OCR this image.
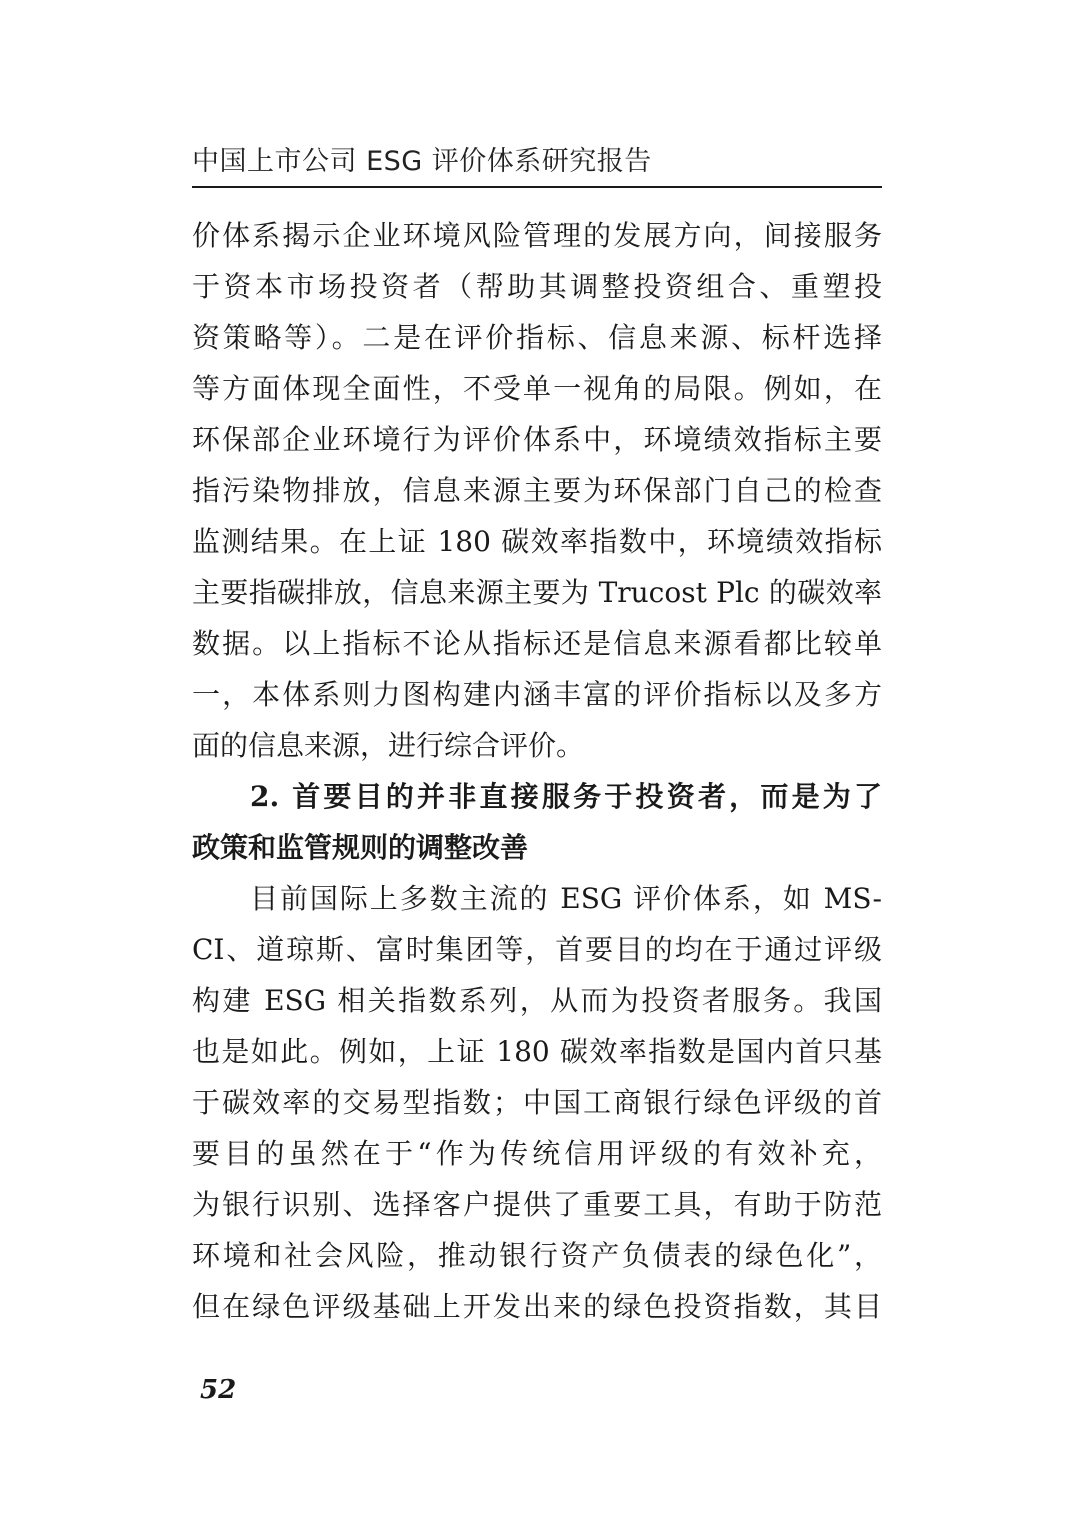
中国上市公司 ESG 评价体系研究报告
价体系揭示企业环境风险管理的发展方向，间接服务
于资本市场投资者（帮助其调整投资组合、重塑投
资策略等）。二是在评价指标、信息来源、标杆选择
等方面体现全面性，不受单一视角的局限。例如，在
环保部企业环境行为评价体系中，环境绩效指标主要
指污染物排放，信息来源主要为环保部门自己的检查
监测结果。在上证 180 碳效率指数中，环境绩效指标
主要指碳排放，信息来源主要为 Trucost Plc 的碳效率
数据。以上指标不论从指标还是信息来源看都比较单
一，本体系则力图构建内涵丰富的评价指标以及多方
面的信息来源，进行综合评价。
2. 首要目的并非直接服务于投资者，而是为了
政策和监管规则的调整改善
目前国际上多数主流的 ESG 评价体系，如 MS-
CI、道琼斯、富时集团等，首要目的均在于通过评级
构建 ESG 相关指数系列，从而为投资者服务。我国
也是如此。例如，上证 180 碳效率指数是国内首只基
于碳效率的交易型指数；中国工商银行绿色评级的首
要目的虽然在于“作为传统信用评级的有效补充，
为银行识别、选择客户提供了重要工具，有助于防范
环境和社会风险，推动银行资产负债表的绿色化”，
但在绿色评级基础上开发出来的绿色投资指数，其目
52
